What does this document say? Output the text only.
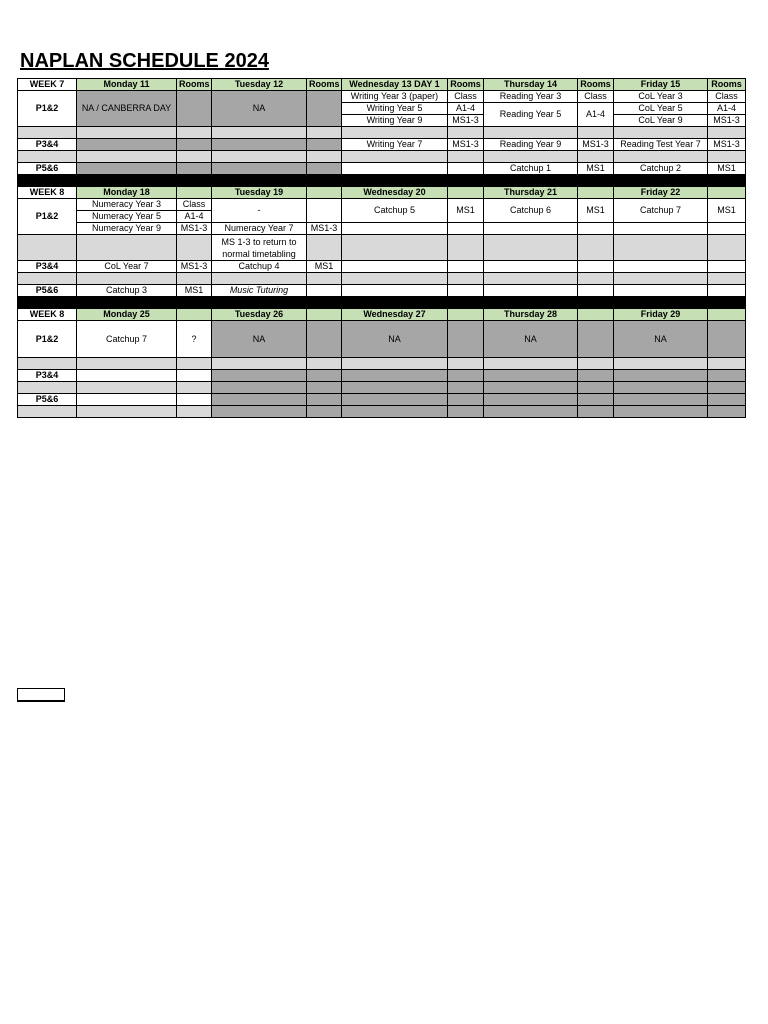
NAPLAN SCHEDULE 2024
WEEK 7	Monday 11	Rooms	Tuesday 12	Rooms	Wednesday 13 DAY 1	Rooms	Thursday 14	Rooms	Friday 15	Rooms
P1&2	NA / CANBERRA DAY		NA		Writing Year 3 (paper)	Class	Reading Year 3	Class	CoL Year 3	Class
					Writing Year 5	A1-4	Reading Year 5	A1-4	CoL Year 5	A1-4
					Writing Year 9	MS1-3			CoL Year 9	MS1-3

P3&4					Writing Year 7	MS1-3	Reading Year 9	MS1-3	Reading Test Year 7	MS1-3

P5&6							Catchup 1	MS1	Catchup 2	MS1

WEEK 8	Monday 18		Tuesday 19		Wednesday 20		Thursday 21		Friday 22	
P1&2	Numeracy Year 3	Class	-		Catchup 5	MS1	Catchup 6	MS1	Catchup 7	MS1
	Numeracy Year 5	A1-4								
	Numeracy Year 9	MS1-3	Numeracy Year 7	MS1-3						
			MS 1-3 to return to normal timetabling							
P3&4	CoL Year 7	MS1-3	Catchup 4	MS1						

P5&6	Catchup 3	MS1	Music Tuturing							

WEEK 8	Monday 25		Tuesday 26		Wednesday 27		Thursday 28		Friday 29	
P1&2	Catchup 7	?	NA		NA		NA		NA	

P3&4										

P5&6										
